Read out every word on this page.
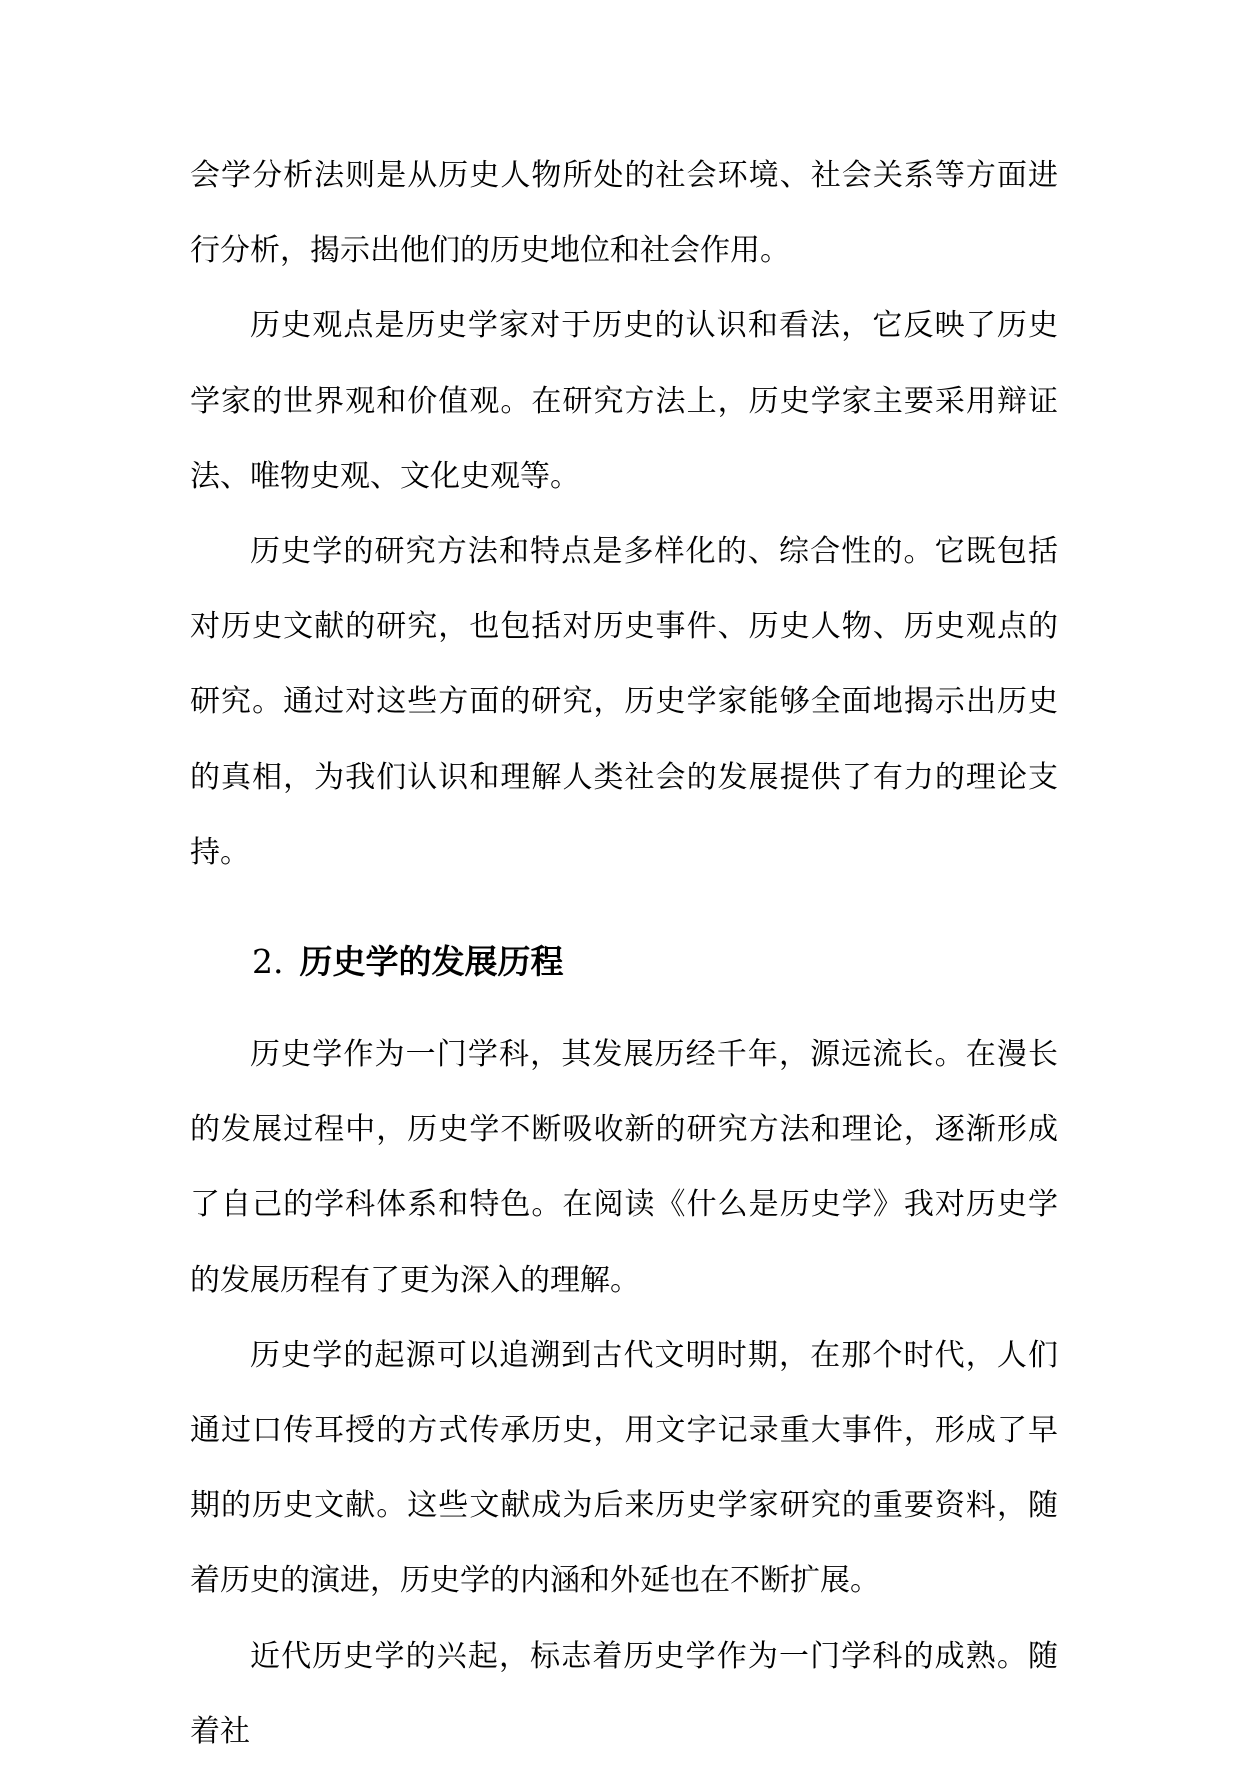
会学分析法则是从历史人物所处的社会环境、社会关系等方面进行分析，揭示出他们的历史地位和社会作用。

历史观点是历史学家对于历史的认识和看法，它反映了历史学家的世界观和价值观。在研究方法上，历史学家主要采用辩证法、唯物史观、文化史观等。

历史学的研究方法和特点是多样化的、综合性的。它既包括对历史文献的研究，也包括对历史事件、历史人物、历史观点的研究。通过对这些方面的研究，历史学家能够全面地揭示出历史的真相，为我们认识和理解人类社会的发展提供了有力的理论支持。

2. 历史学的发展历程

历史学作为一门学科，其发展历经千年，源远流长。在漫长的发展过程中，历史学不断吸收新的研究方法和理论，逐渐形成了自己的学科体系和特色。在阅读《什么是历史学》我对历史学的发展历程有了更为深入的理解。

历史学的起源可以追溯到古代文明时期，在那个时代，人们通过口传耳授的方式传承历史，用文字记录重大事件，形成了早期的历史文献。这些文献成为后来历史学家研究的重要资料，随着历史的演进，历史学的内涵和外延也在不断扩展。

近代历史学的兴起，标志着历史学作为一门学科的成熟。随着社
